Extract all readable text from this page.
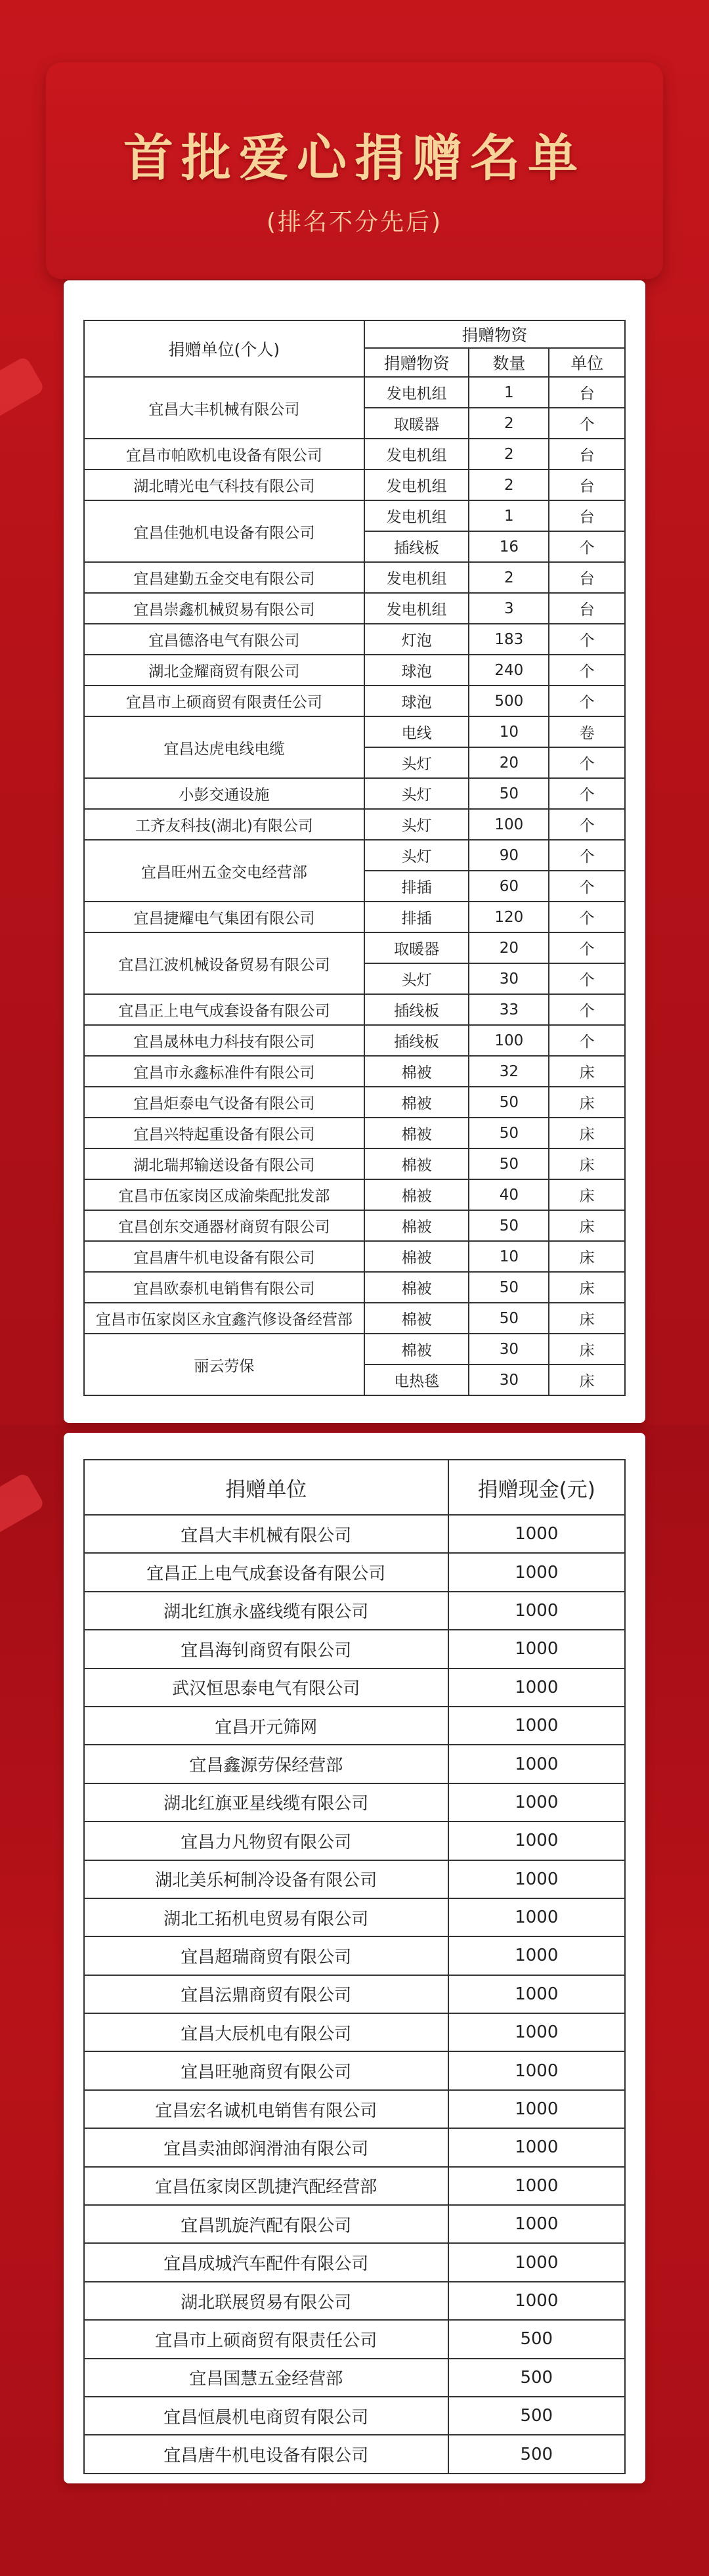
首批爱心捐赠名单
(排名不分先后)
捐赠单位(个人)	捐赠物资		
	捐赠物资	数量	单位
宜昌大丰机械有限公司	发电机组	1	台
	取暖器	2	个
宜昌市帕欧机电设备有限公司	发电机组	2	台
湖北晴光电气科技有限公司	发电机组	2	台
宜昌佳弛机电设备有限公司	发电机组	1	台
	插线板	16	个
宜昌建勤五金交电有限公司	发电机组	2	台
宜昌崇鑫机械贸易有限公司	发电机组	3	台
宜昌德洛电气有限公司	灯泡	183	个
湖北金耀商贸有限公司	球泡	240	个
宜昌市上硕商贸有限责任公司	球泡	500	个
宜昌达虎电线电缆	电线	10	卷
	头灯	20	个
小彭交通设施	头灯	50	个
工齐友科技(湖北)有限公司	头灯	100	个
宜昌旺州五金交电经营部	头灯	90	个
	排插	60	个
宜昌捷耀电气集团有限公司	排插	120	个
宜昌江波机械设备贸易有限公司	取暖器	20	个
	头灯	30	个
宜昌正上电气成套设备有限公司	插线板	33	个
宜昌晟林电力科技有限公司	插线板	100	个
宜昌市永鑫标准件有限公司	棉被	32	床
宜昌炬泰电气设备有限公司	棉被	50	床
宜昌兴特起重设备有限公司	棉被	50	床
湖北瑞邦输送设备有限公司	棉被	50	床
宜昌市伍家岗区成渝柴配批发部	棉被	40	床
宜昌创东交通器材商贸有限公司	棉被	50	床
宜昌唐牛机电设备有限公司	棉被	10	床
宜昌欧泰机电销售有限公司	棉被	50	床
宜昌市伍家岗区永宜鑫汽修设备经营部	棉被	50	床
丽云劳保	棉被	30	床
	电热毯	30	床
捐赠单位	捐赠现金(元)
宜昌大丰机械有限公司	1000
宜昌正上电气成套设备有限公司	1000
湖北红旗永盛线缆有限公司	1000
宜昌海钊商贸有限公司	1000
武汉恒思泰电气有限公司	1000
宜昌开元筛网	1000
宜昌鑫源劳保经营部	1000
湖北红旗亚星线缆有限公司	1000
宜昌力凡物贸有限公司	1000
湖北美乐柯制冷设备有限公司	1000
湖北工拓机电贸易有限公司	1000
宜昌超瑞商贸有限公司	1000
宜昌沄鼎商贸有限公司	1000
宜昌大辰机电有限公司	1000
宜昌旺驰商贸有限公司	1000
宜昌宏名诚机电销售有限公司	1000
宜昌卖油郎润滑油有限公司	1000
宜昌伍家岗区凯捷汽配经营部	1000
宜昌凯旋汽配有限公司	1000
宜昌成城汽车配件有限公司	1000
湖北联展贸易有限公司	1000
宜昌市上硕商贸有限责任公司	500
宜昌国慧五金经营部	500
宜昌恒晨机电商贸有限公司	500
宜昌唐牛机电设备有限公司	500
